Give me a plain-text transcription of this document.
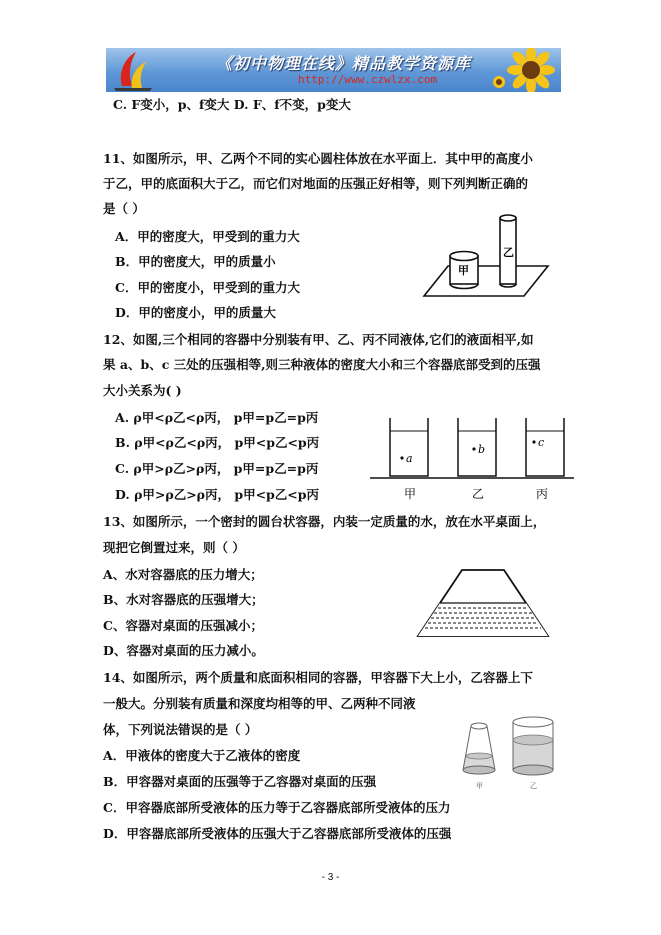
《初中物理在线》精品教学资源库
http://www.czwlzx.com
C. F变小，p、f变大 D. F、f不变，p变大
11、如图所示，甲、乙两个不同的实心圆柱体放在水平面上．其中甲的高度小
于乙，甲的底面积大于乙，而它们对地面的压强正好相等，则下列判断正确的
是（ ）
A．甲的密度大，甲受到的重力大
B．甲的密度大，甲的质量小
C．甲的密度小，甲受到的重力大
D．甲的密度小，甲的质量大
12、如图,三个相同的容器中分别装有甲、乙、丙不同液体,它们的液面相平,如
果 a、b、c 三处的压强相等,则三种液体的密度大小和三个容器底部受到的压强
大小关系为( )
A. ρ甲<ρ乙<ρ丙， p甲=p乙=p丙
B. ρ甲<ρ乙<ρ丙， p甲<p乙<p丙
C. ρ甲>ρ乙>ρ丙， p甲=p乙=p丙
D. ρ甲>ρ乙>ρ丙， p甲<p乙<p丙
13、如图所示，一个密封的圆台状容器，内装一定质量的水，放在水平桌面上，
现把它倒置过来，则（ ）
A、水对容器底的压力增大；
B、水对容器底的压强增大；
C、容器对桌面的压强减小；
D、容器对桌面的压力减小。
14、如图所示，两个质量和底面积相同的容器，甲容器下大上小，乙容器上下
一般大。分别装有质量和深度均相等的甲、乙两种不同液
体，下列说法错误的是（ ）
A．甲液体的密度大于乙液体的密度
B．甲容器对桌面的压强等于乙容器对桌面的压强
C．甲容器底部所受液体的压力等于乙容器底部所受液体的压力
D．甲容器底部所受液体的压强大于乙容器底部所受液体的压强
甲
乙
a
b
c
甲	乙	丙
甲	乙
- 3 -
